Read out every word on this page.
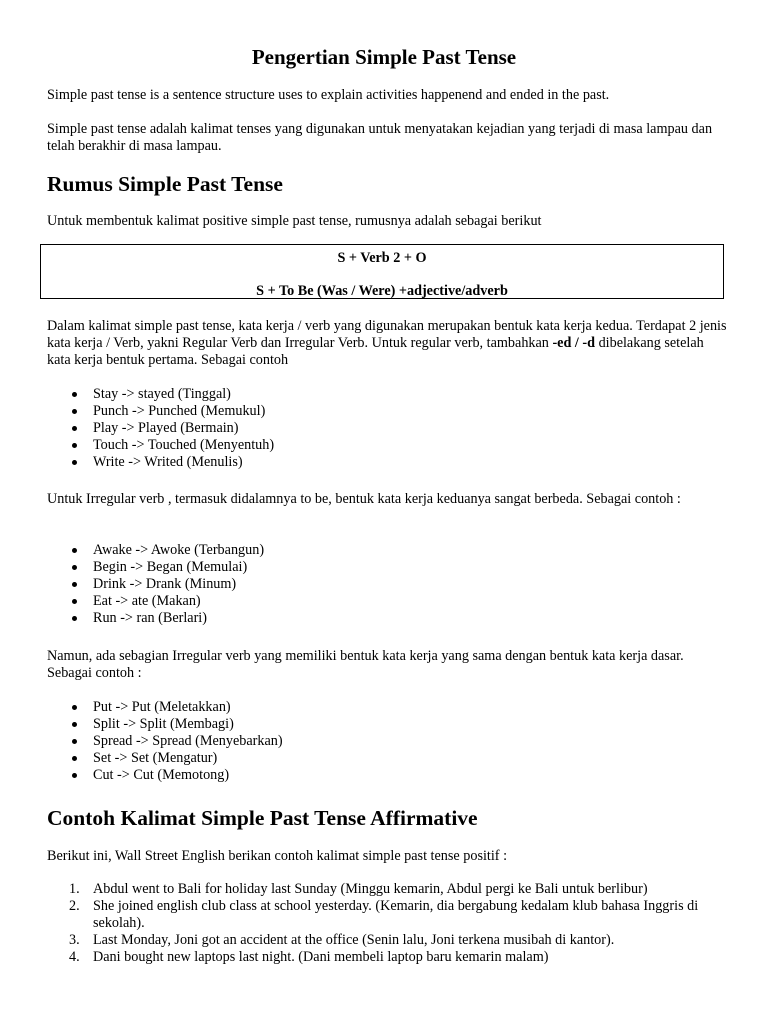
Pengertian Simple Past Tense

Simple past tense is a sentence structure uses to explain activities happenend and ended in the past.

Simple past tense adalah kalimat tenses yang digunakan untuk menyatakan kejadian yang terjadi di masa lampau dan telah berakhir di masa lampau.

Rumus Simple Past Tense

Untuk membentuk kalimat positive simple past tense, rumusnya adalah sebagai berikut

S + Verb 2 + O
S + To Be (Was / Were) +adjective/adverb

Dalam kalimat simple past tense, kata kerja / verb yang digunakan merupakan bentuk kata kerja kedua. Terdapat 2 jenis kata kerja / Verb, yakni Regular Verb dan Irregular Verb. Untuk regular verb, tambahkan -ed / -d dibelakang setelah kata kerja bentuk pertama. Sebagai contoh

Stay -> stayed (Tinggal)
Punch -> Punched (Memukul)
Play -> Played (Bermain)
Touch -> Touched (Menyentuh)
Write -> Writed (Menulis)

Untuk Irregular verb , termasuk didalamnya to be, bentuk kata kerja keduanya sangat berbeda. Sebagai contoh :

Awake -> Awoke (Terbangun)
Begin -> Began (Memulai)
Drink -> Drank (Minum)
Eat -> ate (Makan)
Run -> ran (Berlari)

Namun, ada sebagian Irregular verb yang memiliki bentuk kata kerja yang sama dengan bentuk kata kerja dasar. Sebagai contoh :

Put -> Put (Meletakkan)
Split -> Split (Membagi)
Spread -> Spread (Menyebarkan)
Set -> Set (Mengatur)
Cut -> Cut (Memotong)
Contoh Kalimat Simple Past Tense Affirmative

Berikut ini, Wall Street English berikan contoh kalimat simple past tense positif :

1. Abdul went to Bali for holiday last Sunday (Minggu kemarin, Abdul pergi ke Bali untuk berlibur)
2. She joined english club class at school yesterday. (Kemarin, dia bergabung kedalam klub bahasa Inggris di sekolah).
3. Last Monday, Joni got an accident at the office (Senin lalu, Joni terkena musibah di kantor).
4. Dani bought new laptops last night. (Dani membeli laptop baru kemarin malam)
